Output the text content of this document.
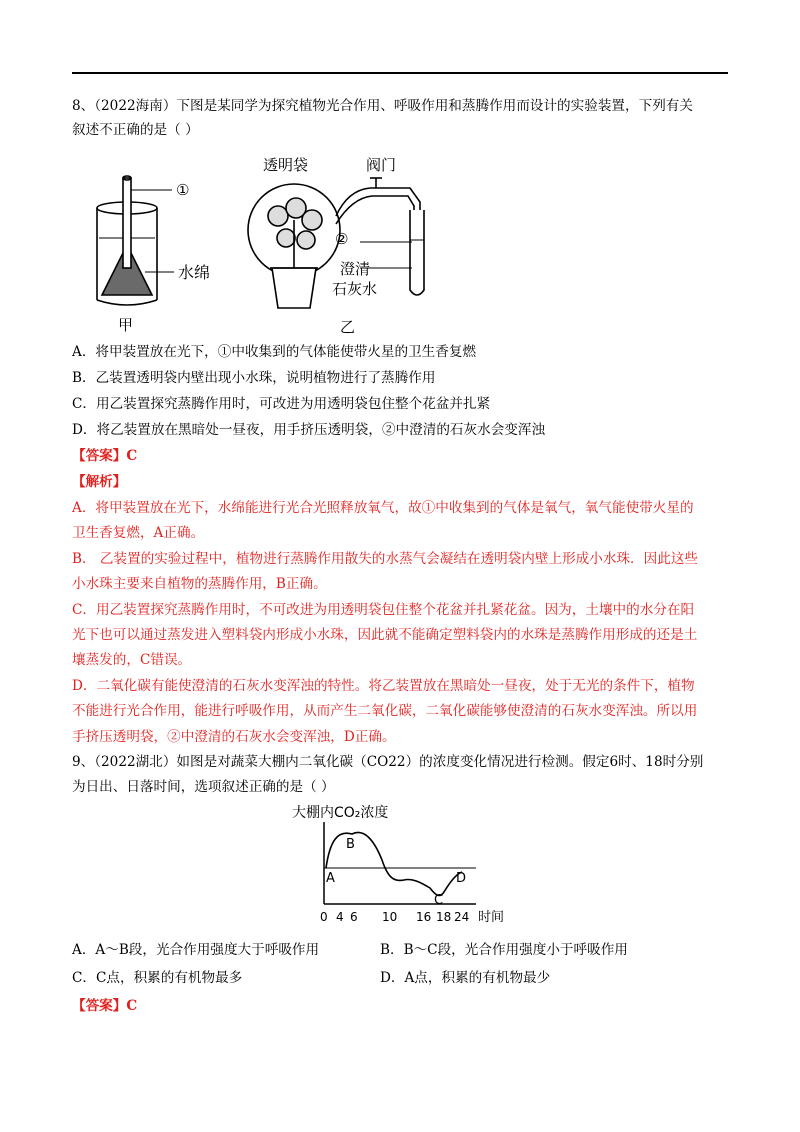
8、（2022海南）下图是某同学为探究植物光合作用、呼吸作用和蒸腾作用而设计的实验装置，下列有关
叙述不正确的是（ ）
①
水绵
甲
透明袋	阀门
②
澄清
石灰水
乙
A．将甲装置放在光下，①中收集到的气体能使带火星的卫生香复燃
B．乙装置透明袋内壁出现小水珠，说明植物进行了蒸腾作用
C．用乙装置探究蒸腾作用时，可改进为用透明袋包住整个花盆并扎紧
D．将乙装置放在黑暗处一昼夜，用手挤压透明袋，②中澄清的石灰水会变浑浊
【答案】C
【解析】
A．将甲装置放在光下，水绵能进行光合光照释放氧气，故①中收集到的气体是氧气，氧气能使带火星的
卫生香复燃，A正确。
B． 乙装置的实验过程中，植物进行蒸腾作用散失的水蒸气会凝结在透明袋内壁上形成小水珠．因此这些
小水珠主要来自植物的蒸腾作用，B正确。
C．用乙装置探究蒸腾作用时，不可改进为用透明袋包住整个花盆并扎紧花盆。因为，土壤中的水分在阳
光下也可以通过蒸发进入塑料袋内形成小水珠，因此就不能确定塑料袋内的水珠是蒸腾作用形成的还是土
壤蒸发的，C错误。
D．二氧化碳有能使澄清的石灰水变浑浊的特性。将乙装置放在黑暗处一昼夜，处于无光的条件下，植物
不能进行光合作用，能进行呼吸作用，从而产生二氧化碳，二氧化碳能够使澄清的石灰水变浑浊。所以用
手挤压透明袋，②中澄清的石灰水会变浑浊，D正确。
9、（2022湖北）如图是对蔬菜大棚内二氧化碳（CO22）的浓度变化情况进行检测。假定6时、18时分别
为日出、日落时间，选项叙述正确的是（ ）
大棚内CO₂浓度
A
B
C
D
0 4 6 10 16 18 24 时间
A．A～B段，光合作用强度大于呼吸作用	B．B～C段，光合作用强度小于呼吸作用
C．C点，积累的有机物最多	D．A点，积累的有机物最少
【答案】C
